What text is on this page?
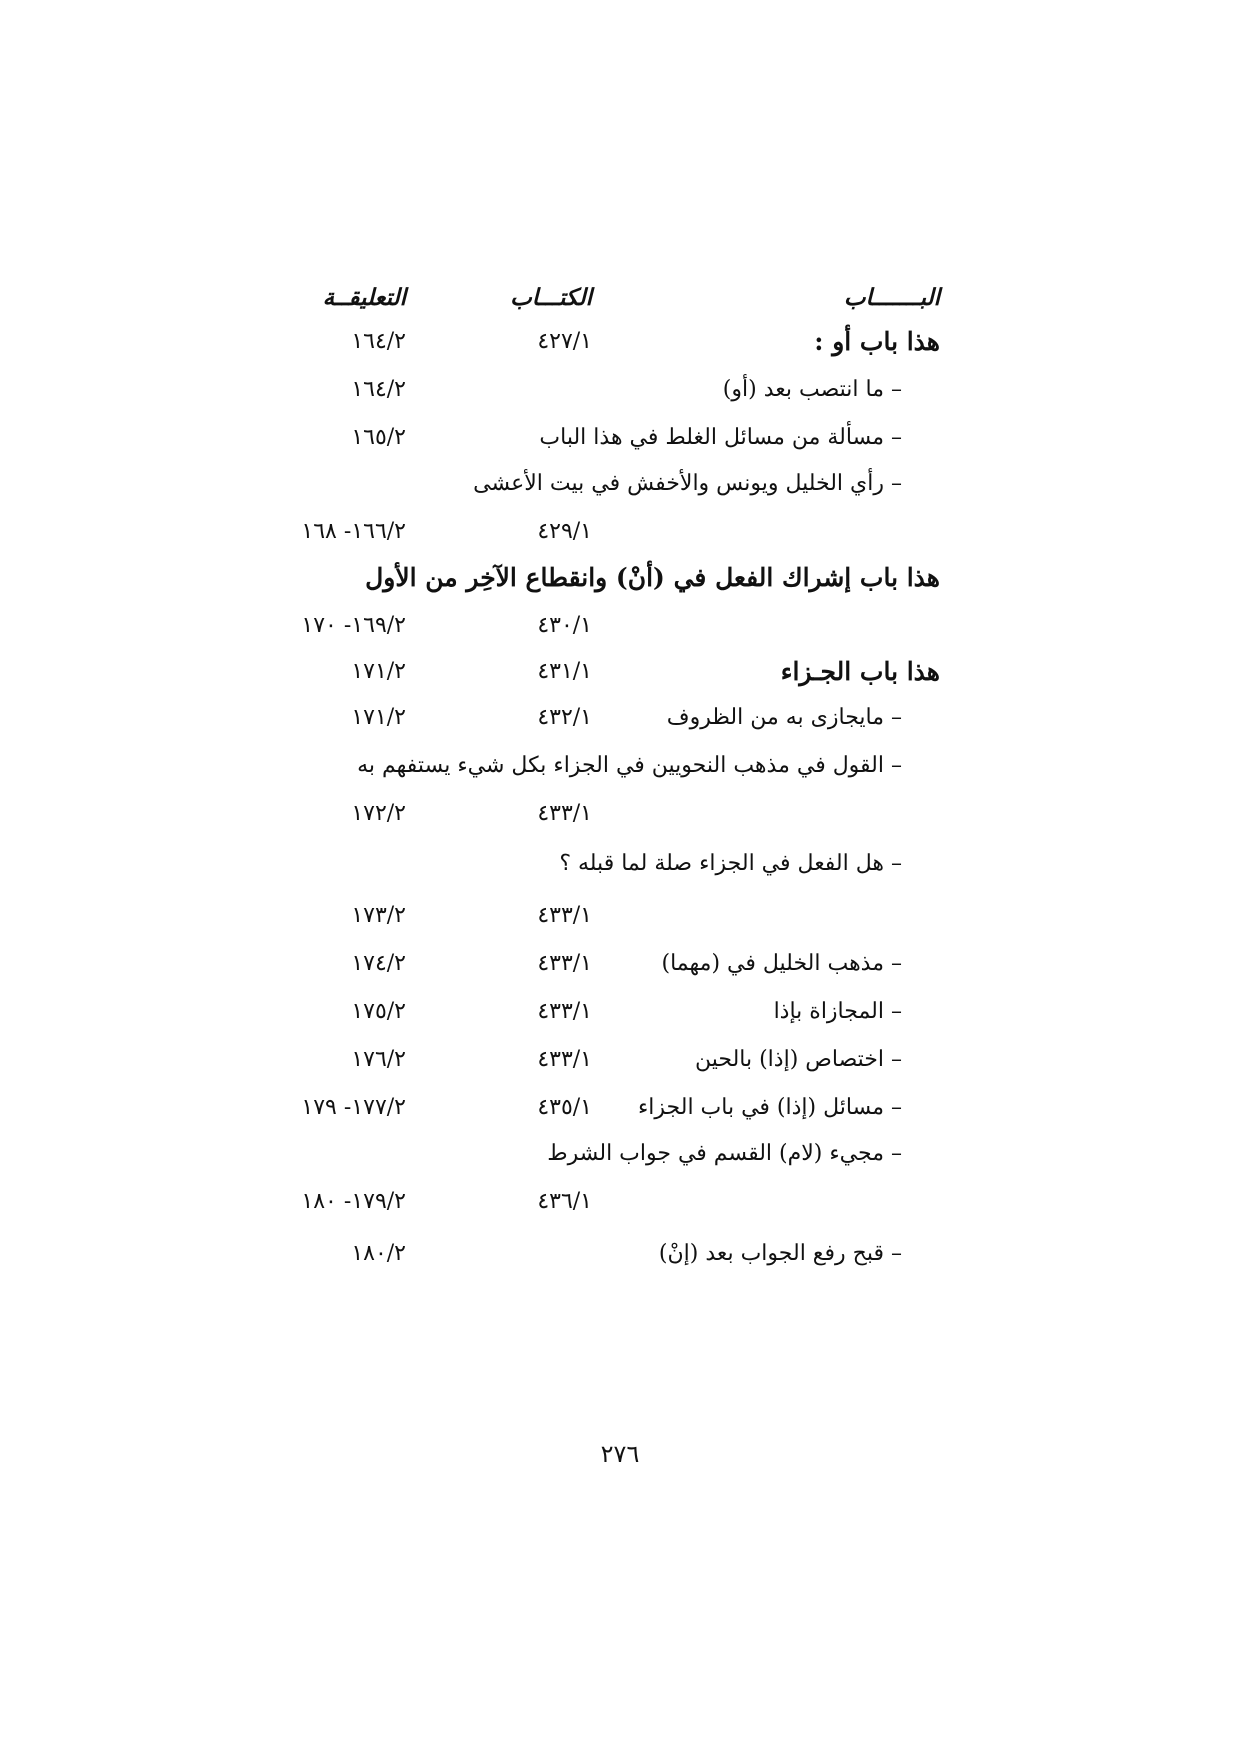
البـــــــاب
الكتـــاب
التعليقــة
هذا باب أو :
٤٢٧/١
١٦٤/٢
– ما انتصب بعد (أو)
١٦٤/٢
– مسألة من مسائل الغلط في هذا الباب
١٦٥/٢
– رأي الخليل ويونس والأخفش في بيت الأعشى
٤٢٩/١
١٦٦/٢- ١٦٨
هذا باب إشراك الفعل في (أنْ) وانقطاع الآخِر من الأول
٤٣٠/١
١٦٩/٢- ١٧٠
هذا باب الجـزاء
٤٣١/١
١٧١/٢
– مايجازى به من الظروف
٤٣٢/١
١٧١/٢
– القول في مذهب النحويين في الجزاء بكل شيء يستفهم به
٤٣٣/١
١٧٢/٢
– هل الفعل في الجزاء صلة لما قبله ؟
٤٣٣/١
١٧٣/٢
– مذهب الخليل في (مهما)
٤٣٣/١
١٧٤/٢
– المجازاة بإذا
٤٣٣/١
١٧٥/٢
– اختصاص (إذا) بالحين
٤٣٣/١
١٧٦/٢
– مسائل (إذا) في باب الجزاء
٤٣٥/١
١٧٧/٢- ١٧٩
– مجيء (لام) القسم في جواب الشرط
٤٣٦/١
١٧٩/٢- ١٨٠
– قبح رفع الجواب بعد (إنْ)
١٨٠/٢
٢٧٦
